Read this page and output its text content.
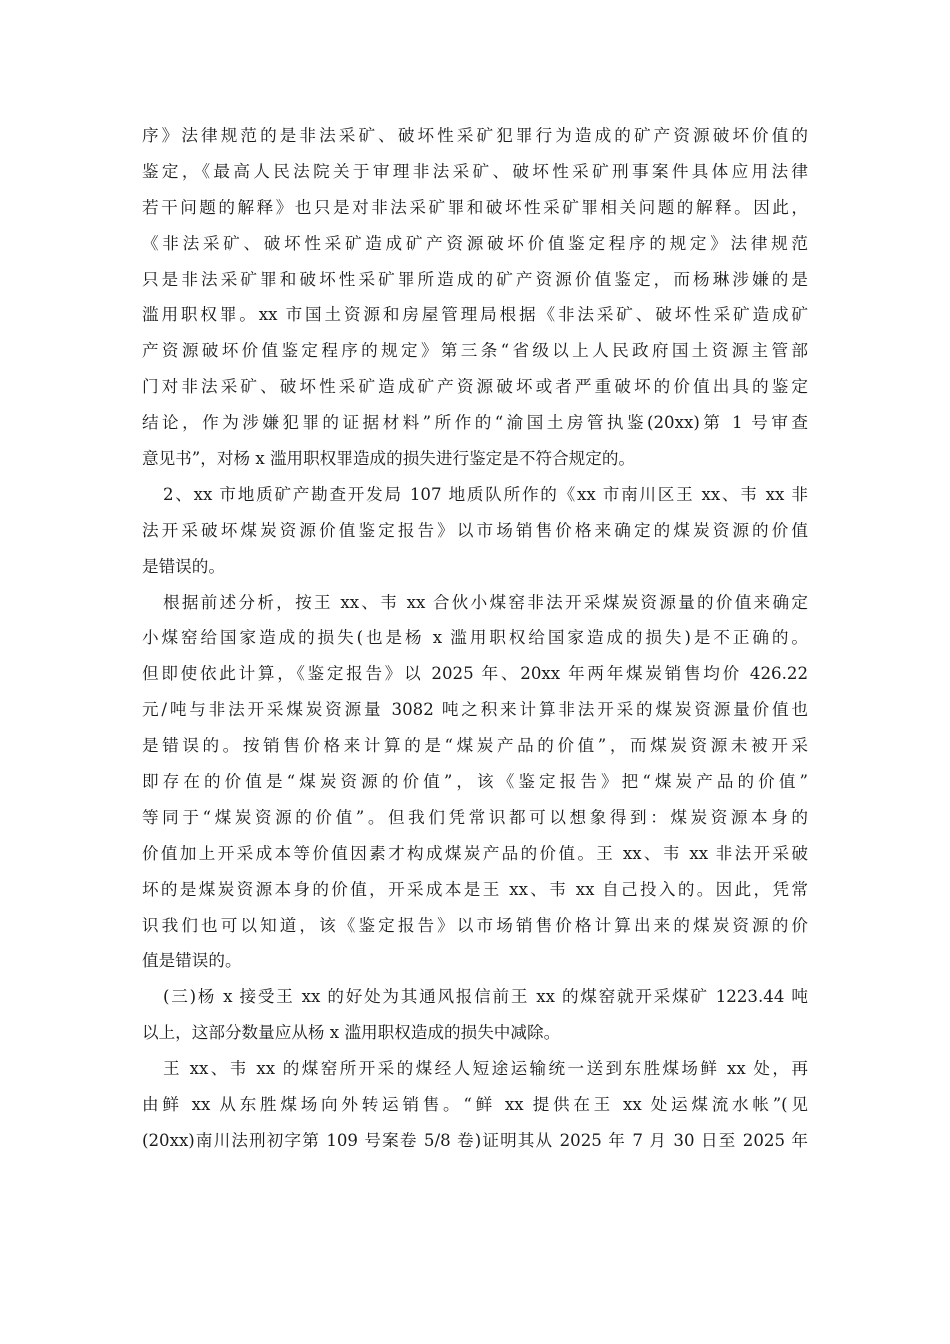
序》法律规范的是非法采矿、破坏性采矿犯罪行为造成的矿产资源破坏价值的
鉴定，《最高人民法院关于审理非法采矿、破坏性采矿刑事案件具体应用法律
若干问题的解释》也只是对非法采矿罪和破坏性采矿罪相关问题的解释。因此，
《非法采矿、破坏性采矿造成矿产资源破坏价值鉴定程序的规定》法律规范
只是非法采矿罪和破坏性采矿罪所造成的矿产资源价值鉴定，而杨琳涉嫌的是
滥用职权罪。xx 市国土资源和房屋管理局根据《非法采矿、破坏性采矿造成矿
产资源破坏价值鉴定程序的规定》第三条“省级以上人民政府国土资源主管部
门对非法采矿、破坏性采矿造成矿产资源破坏或者严重破坏的价值出具的鉴定
结论，作为涉嫌犯罪的证据材料”所作的“渝国土房管执鉴(20xx)第 1 号审查
意见书”，对杨 x 滥用职权罪造成的损失进行鉴定是不符合规定的。
2、xx 市地质矿产勘查开发局 107 地质队所作的《xx 市南川区王 xx、韦 xx 非
法开采破坏煤炭资源价值鉴定报告》以市场销售价格来确定的煤炭资源的价值
是错误的。
根据前述分析，按王 xx、韦 xx 合伙小煤窑非法开采煤炭资源量的价值来确定
小煤窑给国家造成的损失(也是杨 x 滥用职权给国家造成的损失)是不正确的。
但即使依此计算，《鉴定报告》以 2025 年、20xx 年两年煤炭销售均价 426.22
元/吨与非法开采煤炭资源量 3082 吨之积来计算非法开采的煤炭资源量价值也
是错误的。按销售价格来计算的是“煤炭产品的价值”，而煤炭资源未被开采
即存在的价值是“煤炭资源的价值”，该《鉴定报告》把“煤炭产品的价值”
等同于“煤炭资源的价值”。但我们凭常识都可以想象得到：煤炭资源本身的
价值加上开采成本等价值因素才构成煤炭产品的价值。王 xx、韦 xx 非法开采破
坏的是煤炭资源本身的价值，开采成本是王 xx、韦 xx 自己投入的。因此，凭常
识我们也可以知道，该《鉴定报告》以市场销售价格计算出来的煤炭资源的价
值是错误的。
(三)杨 x 接受王 xx 的好处为其通风报信前王 xx 的煤窑就开采煤矿 1223.44 吨
以上，这部分数量应从杨 x 滥用职权造成的损失中减除。
王 xx、韦 xx 的煤窑所开采的煤经人短途运输统一送到东胜煤场鲜 xx 处，再
由鲜 xx 从东胜煤场向外转运销售。“鲜 xx 提供在王 xx 处运煤流水帐”(见
(20xx)南川法刑初字第 109 号案卷 5/8 卷)证明其从 2025 年 7 月 30 日至 2025 年
